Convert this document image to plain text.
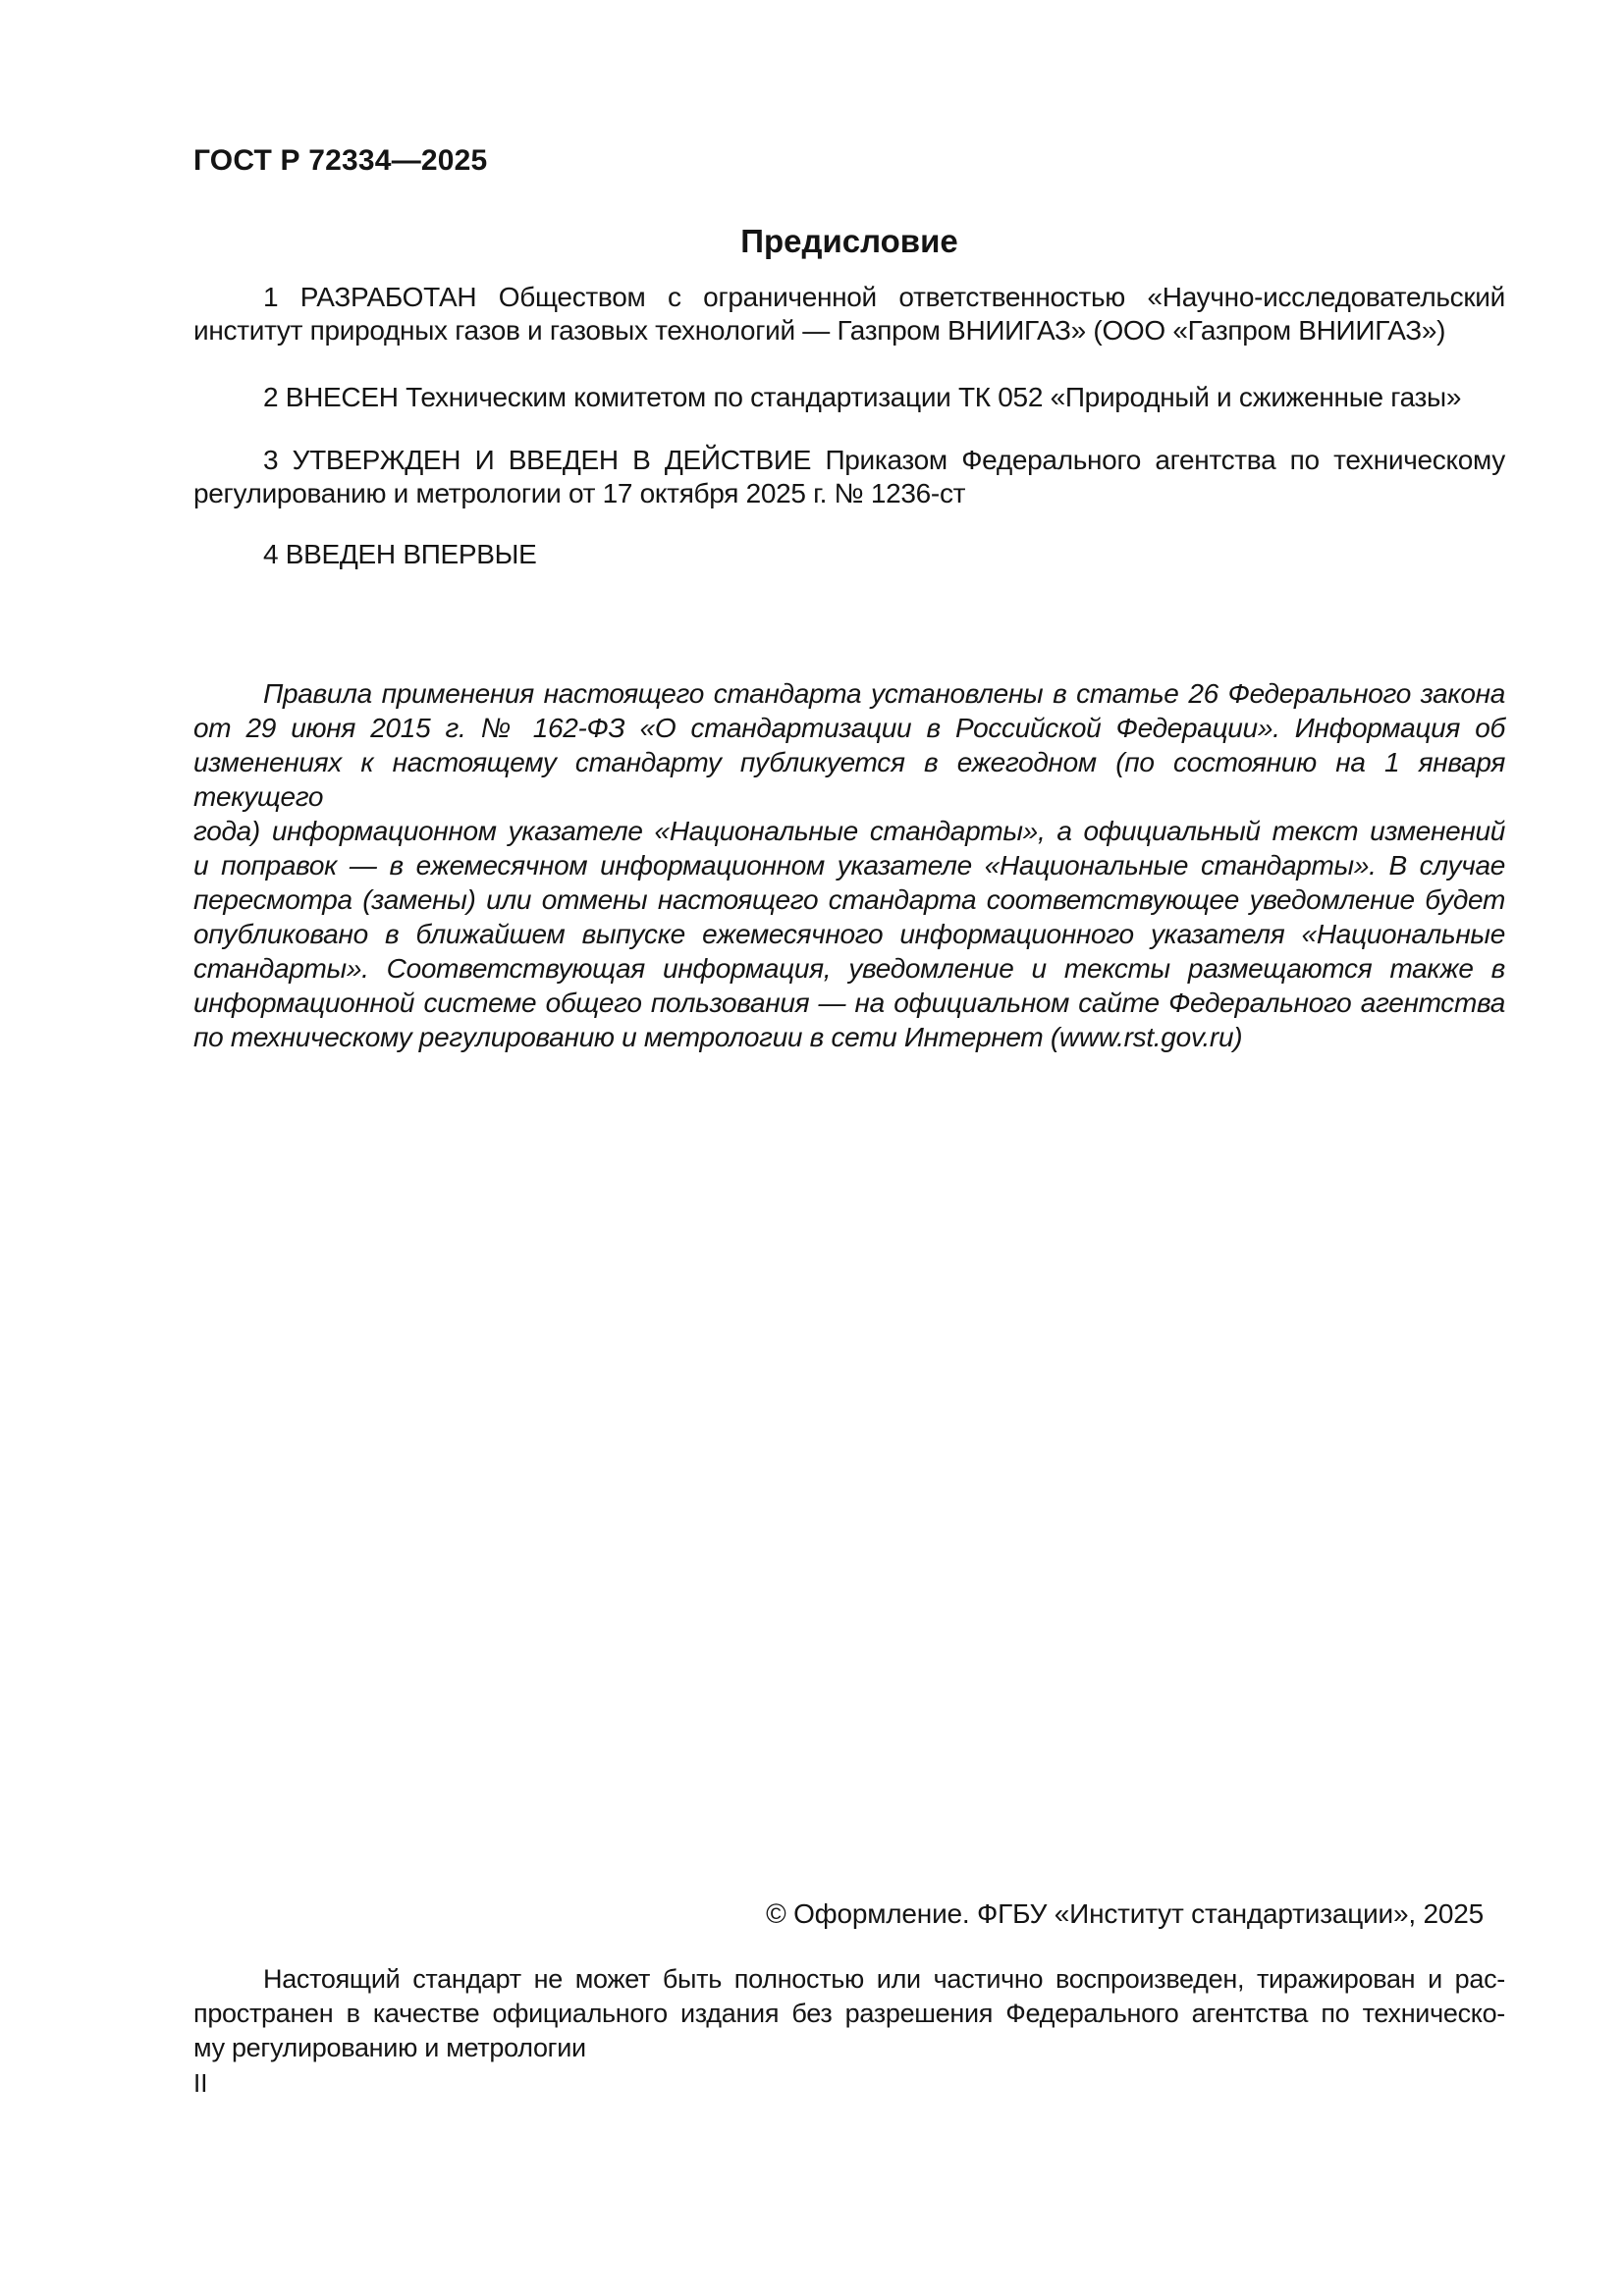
ГОСТ Р 72334—2025
Предисловие
1 РАЗРАБОТАН Обществом с ограниченной ответственностью «Научно-исследовательский
институт природных газов и газовых технологий — Газпром ВНИИГАЗ» (ООО «Газпром ВНИИГАЗ»)
2 ВНЕСЕН Техническим комитетом по стандартизации ТК 052 «Природный и сжиженные газы»
3 УТВЕРЖДЕН И ВВЕДЕН В ДЕЙСТВИЕ Приказом Федерального агентства по техническому
регулированию и метрологии от 17 октября 2025 г. № 1236-ст
4 ВВЕДЕН ВПЕРВЫЕ
Правила применения настоящего стандарта установлены в статье 26 Федерального закона
от 29 июня 2015 г. № 162-ФЗ «О стандартизации в Российской Федерации». Информация об
изменениях к настоящему стандарту публикуется в ежегодном (по состоянию на 1 января текущего
года) информационном указателе «Национальные стандарты», а официальный текст изменений
и поправок — в ежемесячном информационном указателе «Национальные стандарты». В случае
пересмотра (замены) или отмены настоящего стандарта соответствующее уведомление будет
опубликовано в ближайшем выпуске ежемесячного информационного указателя «Национальные
стандарты». Соответствующая информация, уведомление и тексты размещаются также в
информационной системе общего пользования — на официальном сайте Федерального агентства
по техническому регулированию и метрологии в сети Интернет (www.rst.gov.ru)
© Оформление. ФГБУ «Институт стандартизации», 2025
Настоящий стандарт не может быть полностью или частично воспроизведен, тиражирован и рас-
пространен в качестве официального издания без разрешения Федерального агентства по техническо-
му регулированию и метрологии
II
